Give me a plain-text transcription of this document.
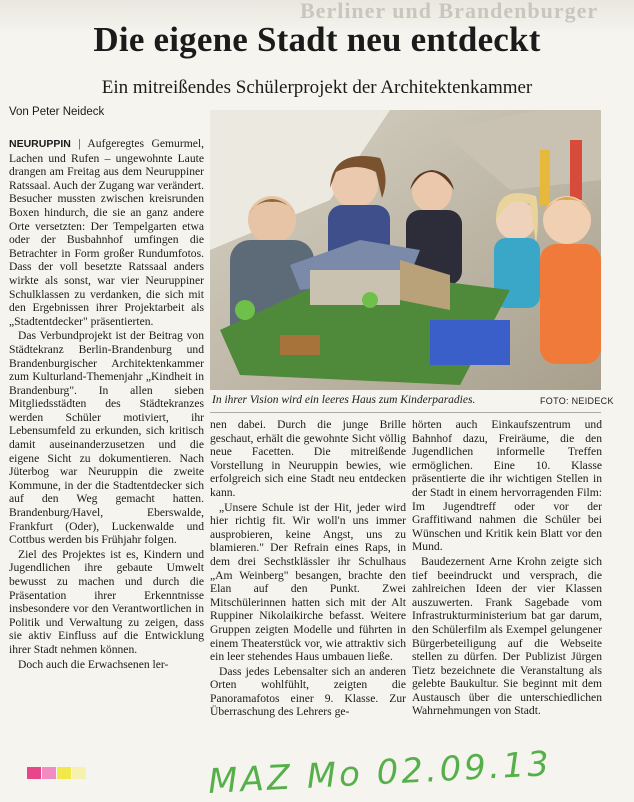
Berliner und Brandenburger
Die eigene Stadt neu entdeckt
Ein mitreißendes Schülerprojekt der Architektenkammer
Von Peter Neideck
In ihrer Vision wird ein leeres Haus zum Kinderparadies.	FOTO: NEIDECK

NEURUPPIN | Aufgeregtes Gemurmel, Lachen und Rufen – ungewohnte Laute drangen am Freitag aus dem Neuruppiner Ratssaal. Auch der Zugang war verändert. Besucher mussten zwischen kreisrunden Boxen hindurch, die sie an ganz andere Orte versetzten: Der Tempelgarten etwa oder der Busbahnhof umfingen die Betrachter in Form großer Rundumfotos. Dass der voll besetzte Ratssaal anders wirkte als sonst, war vier Neuruppiner Schulklassen zu verdanken, die sich mit den Ergebnissen ihrer Projektarbeit als „Stadtentdecker" präsentierten.

Das Verbundprojekt ist der Beitrag von Städtekranz Berlin-Brandenburg und Brandenburgischer Architektenkammer zum Kulturland-Themenjahr „Kindheit in Brandenburg". In allen sieben Mitgliedsstädten des Städtekranzes werden Schüler motiviert, ihr Lebensumfeld zu erkunden, sich kritisch damit auseinanderzusetzen und die eigene Sicht zu dokumentieren. Nach Jüterbog war Neuruppin die zweite Kommune, in der die Stadtentdecker sich auf den Weg gemacht hatten. Brandenburg/Havel, Eberswalde, Frankfurt (Oder), Luckenwalde und Cottbus werden bis Frühjahr folgen.

Ziel des Projektes ist es, Kindern und Jugendlichen ihre gebaute Umwelt bewusst zu machen und durch die Präsentation ihrer Erkenntnisse insbesondere vor den Verantwortlichen in Politik und Verwaltung zu zeigen, dass sie aktiv Einfluss auf die Entwicklung ihrer Stadt nehmen können.

Doch auch die Erwachsenen ler-

nen dabei. Durch die junge Brille geschaut, erhält die gewohnte Sicht völlig neue Facetten. Die mitreißende Vorstellung in Neuruppin bewies, wie erfolgreich sich eine Stadt neu entdecken kann.

„Unsere Schule ist der Hit, jeder wird hier richtig fit. Wir woll'n uns immer ausprobieren, keine Angst, uns zu blamieren." Der Refrain eines Raps, in dem drei Sechstklässler ihr Schulhaus „Am Weinberg" besangen, brachte den Elan auf den Punkt. Zwei Mitschülerinnen hatten sich mit der Alt Ruppiner Nikolaikirche befasst. Weitere Gruppen zeigten Modelle und führten in einem Theaterstück vor, wie attraktiv sich ein leer stehendes Haus umbauen ließe.

Dass jedes Lebensalter sich an anderen Orten wohlfühlt, zeigten die Panoramafotos einer 9. Klasse. Zur Überraschung des Lehrers ge-

hörten auch Einkaufszentrum und Bahnhof dazu, Freiräume, die den Jugendlichen informelle Treffen ermöglichen. Eine 10. Klasse präsentierte die ihr wichtigen Stellen in der Stadt in einem hervorragenden Film: Im Jugendtreff oder vor der Graffitiwand nahmen die Schüler bei Wünschen und Kritik kein Blatt vor den Mund.

Baudezernent Arne Krohn zeigte sich tief beeindruckt und versprach, die zahlreichen Ideen der vier Klassen auszuwerten. Frank Sagebade vom Infrastrukturministerium bat gar darum, den Schülerfilm als Exempel gelungener Bürgerbeteiligung auf die Webseite stellen zu dürfen. Der Publizist Jürgen Tietz bezeichnete die Veranstaltung als gelebte Baukultur. Sie beginnt mit dem Austausch über die unterschiedlichen Wahrnehmungen von Stadt.

MAZ Mo 02.09.13
